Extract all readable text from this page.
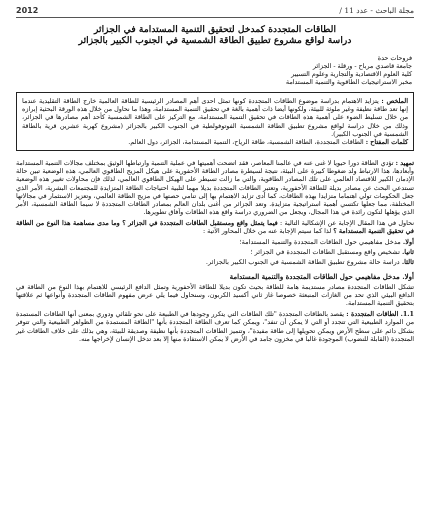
مجلة الباحث - عدد 11 /
2012
الطاقات المتجددة كمدخل لتحقيق التنمية المستدامة في الجزائر
دراسة لواقع مشروع تطبيق الطاقة الشمسية في الجنوب الكبير بالجزائر
فروحات حدة
جامعة قاصدي مرباح - ورقلة - الجزائر
كلية العلوم الاقتصادية والتجارية وعلوم التسيير
مخبر الاستراتيجيات الطاقوية والتنمية المستدامة
الملخص : يتزايد الاهتمام بدراسة موضوع الطاقات المتجددة كونها تمثل احدى أهم المصادر الرئيسية للطاقة العالمية خارج الطاقة التقليدية عندما إنها تعد طاقة نظيفة وغير ملوثة للبيئة، ولكونها أيضا ذات أهمية بالغة في تحقيق التنمية المستدامة، وهذا ما نحاول من خلال هذه الورقة البحثية إبرازه من خلال تسليط الضوء على أهمية هذه الطاقات في تحقيق التنمية المستدامة، مع التركيز على الطاقة الشمسية كأحد أهم مصادرها في الجزائر، وذلك من خلال دراسة لواقع مشروع تطبيق الطاقة الشمسية الفوتوفولطية في الجنوب الكبير بالجزائر (مشروع كهربة عشرين قرية بالطاقة الشمسية في الجنوب الكبير).
كلمات المفتاح : الطاقات المتجددة، الطاقة الشمسية، طاقة الرياح، التنمية المستدامة، الجزائر، دول العالم.

تمهيد : تؤدي الطاقة دورا حيويا لا غنى عنه في عالمنا المعاصر، فقد اتضحت أهميتها في عملية التنمية وارتباطها الوثيق بمختلف مجالات التنمية المستدامة وأبعادها، هذا الارتباط ولد ضغوطا كبيرة على البيئة، نتيجة لسيطرة مصادر الطاقة الأحفورية على هيكل المزيج الطاقوي العالمي، هذه الوضعية تبين حالة الإدمان الكبير للاقتصاد العالمي على تلك المصادر الطاقوية، والتي ما زالت تسيطر على الهيكل الطاقوي العالمي، لذلك فإن محاولات تغيير هذه الوضعية تستدعي البحث عن مصادر بديلة للطاقة الأحفورية، وتعتبر الطاقات المتجددة بديلا مهما لتلبية احتياجات الطاقة المتزايدة للمجتمعات البشرية، الأمر الذي جعل الحكومات تولي اهتماما متزايدا بهذه الطاقات، كما أدى تزايد الاهتمام بها إلى تنامي حصتها في مزيج الطاقة العالمي، وتعزيز الاستثمار في مجالاتها المختلفة، مما جعلها تكتسي أهمية استراتيجية متزايدة. وتعد الجزائر من أغنى بلدان العالم بمصادر الطاقات المتجددة لا سيما الطاقة الشمسية، الأمر الذي يؤهلها لتكون رائدة في هذا المجال، ويجعل من الضروري دراسة واقع هذه الطاقات وآفاق تطويرها.

نحاول في هذا المقال الإجابة عن الإشكالية التالية : فيما يتمثل واقع ومستقبل الطاقات المتجددة في الجزائر ؟ وما مدى مساهمة هذا النوع من الطاقة في تحقيق التنمية المستدامة ؟ لذا كما سيتم الإجابة عنه من خلال المحاور الآتية :

أولا. مدخل مفاهيمي حول الطاقات المتجددة والتنمية المستدامة؛
ثانيا. تشخيص واقع ومستقبل الطاقات المتجددة في الجزائر ؛
ثالثا. دراسة حالة مشروع تطبيق الطاقة الشمسية في الجنوب الكبير بالجزائر.
أولا. مدخل مفاهيمي حول الطاقات المتجددة والتنمية المستدامة

تشكل الطاقات المتجددة مصادر مستديمة هامة للطاقة بحيث تكون بديلا للطاقة الأحفورية وتمثل الدافع الرئيسي للاهتمام بهذا النوع من الطاقة في الدافع البيئي الذي تحد من الغازات المنبعثة خصوصا غاز ثاني أكسيد الكربون، وسنحاول فيما يلي عرض مفهوم الطاقات المتجددة وأنواعها ثم علاقتها بتحقيق التنمية المستدامة.

1.1. الطاقات المتجددة : يقصد بالطاقات المتجددة "تلك الطاقات التي يتكرر وجودها في الطبيعة على نحو تلقائي ودوري بمعنى أنها الطاقات المستمدة من الموارد الطبيعية التي تتجدد أو التي لا يمكن أن تنفد"، ويمكن كما تعرف الطاقة المتجددة بأنها "الطاقة المستمدة من الظواهر الطبيعية والتي تتوفر بشكل دائم على سطح الأرض ويمكن تحويلها إلى طاقة مفيدة"، وتتميز الطاقات المتجددة بأنها نظيفة وصديقة للبيئة، وهي بذلك على خلاف الطاقات غير المتجددة (القابلة للنضوب) الموجودة غالبا في مخزون جامد في الأرض لا يمكن الاستفادة منها إلا بعد تدخل الإنسان لإخراجها منه.
